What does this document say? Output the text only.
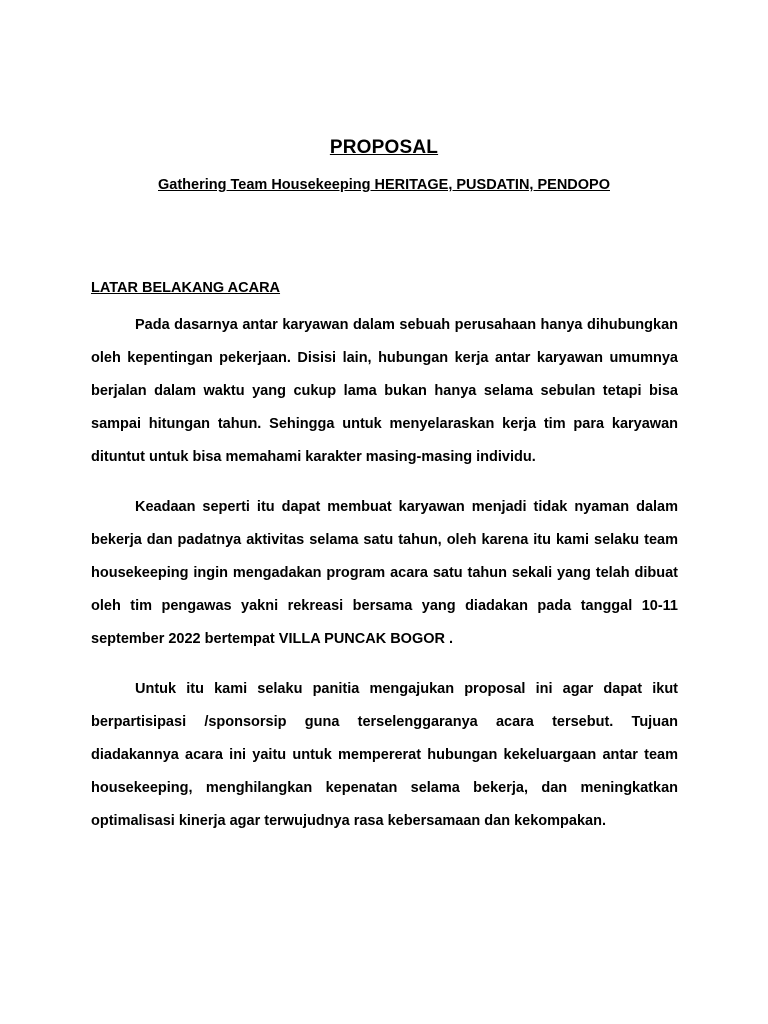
PROPOSAL
Gathering Team Housekeeping HERITAGE, PUSDATIN, PENDOPO
LATAR BELAKANG ACARA

Pada dasarnya antar karyawan dalam sebuah perusahaan hanya dihubungkan oleh kepentingan pekerjaan. Disisi lain, hubungan kerja antar karyawan umumnya berjalan dalam waktu yang cukup lama bukan hanya selama sebulan tetapi bisa sampai hitungan tahun. Sehingga untuk menyelaraskan kerja tim para karyawan dituntut untuk bisa memahami karakter masing-masing individu.

Keadaan seperti itu dapat membuat karyawan menjadi tidak nyaman dalam bekerja dan padatnya aktivitas selama satu tahun, oleh karena itu kami selaku team housekeeping ingin mengadakan program acara satu tahun sekali yang telah dibuat oleh tim pengawas yakni rekreasi bersama yang diadakan pada tanggal 10-11 september 2022 bertempat VILLA PUNCAK BOGOR .

Untuk itu kami selaku panitia mengajukan proposal ini agar dapat ikut berpartisipasi /sponsorsip guna terselenggaranya acara tersebut. Tujuan diadakannya acara ini yaitu untuk mempererat hubungan kekeluargaan antar team housekeeping, menghilangkan kepenatan selama bekerja, dan meningkatkan optimalisasi kinerja agar terwujudnya rasa kebersamaan dan kekompakan.
